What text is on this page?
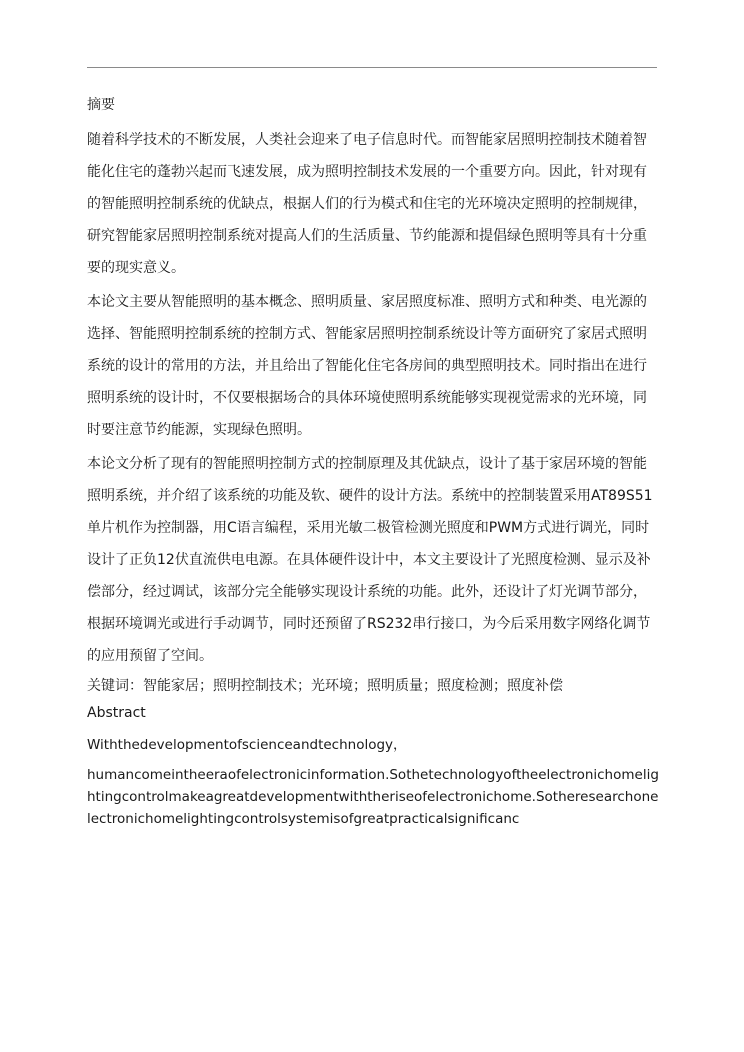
摘要

随着科学技术的不断发展，人类社会迎来了电子信息时代。而智能家居照明控制技术随着智能化住宅的蓬勃兴起而飞速发展，成为照明控制技术发展的一个重要方向。因此，针对现有的智能照明控制系统的优缺点，根据人们的行为模式和住宅的光环境决定照明的控制规律，研究智能家居照明控制系统对提高人们的生活质量、节约能源和提倡绿色照明等具有十分重要的现实意义。

本论文主要从智能照明的基本概念、照明质量、家居照度标准、照明方式和种类、电光源的选择、智能照明控制系统的控制方式、智能家居照明控制系统设计等方面研究了家居式照明系统的设计的常用的方法，并且给出了智能化住宅各房间的典型照明技术。同时指出在进行照明系统的设计时，不仅要根据场合的具体环境使照明系统能够实现视觉需求的光环境，同时要注意节约能源，实现绿色照明。

本论文分析了现有的智能照明控制方式的控制原理及其优缺点，设计了基于家居环境的智能照明系统，并介绍了该系统的功能及软、硬件的设计方法。系统中的控制装置采用AT89S51单片机作为控制器，用C语言编程，采用光敏二极管检测光照度和PWM方式进行调光，同时设计了正负12伏直流供电电源。在具体硬件设计中，本文主要设计了光照度检测、显示及补偿部分，经过调试，该部分完全能够实现设计系统的功能。此外，还设计了灯光调节部分，根据环境调光或进行手动调节，同时还预留了RS232串行接口，为今后采用数字网络化调节的应用预留了空间。

关键词：智能家居；照明控制技术；光环境；照明质量；照度检测；照度补偿
Abstract

Withthedevelopmentofscienceandtechnology，

humancomeintheeraofelectronicinformation.Sothetechnologyoftheelectronichomelightingcontrolmakeagreatdevelopmentwiththeriseofelectronichome.Sotheresearchonelectronichomelightingcontrolsystemisofgreatpracticalsignificanc
